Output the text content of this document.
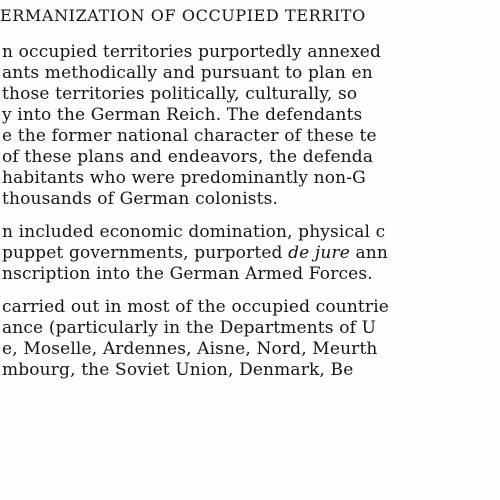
ERMANIZATION OF OCCUPIED TERRITO
n occupied territories purportedly annexed
ants methodically and pursuant to plan en
those territories politically, culturally, so
y into the German Reich. The defendants
e the former national character of these te
of these plans and endeavors, the defenda
habitants who were predominantly non-G
thousands of German colonists.
n included economic domination, physical c
puppet governments, purported de jure ann
nscription into the German Armed Forces.
carried out in most of the occupied countrie
ance (particularly in the Departments of U
e, Moselle, Ardennes, Aisne, Nord, Meurth
mbourg, the Soviet Union, Denmark, Be
